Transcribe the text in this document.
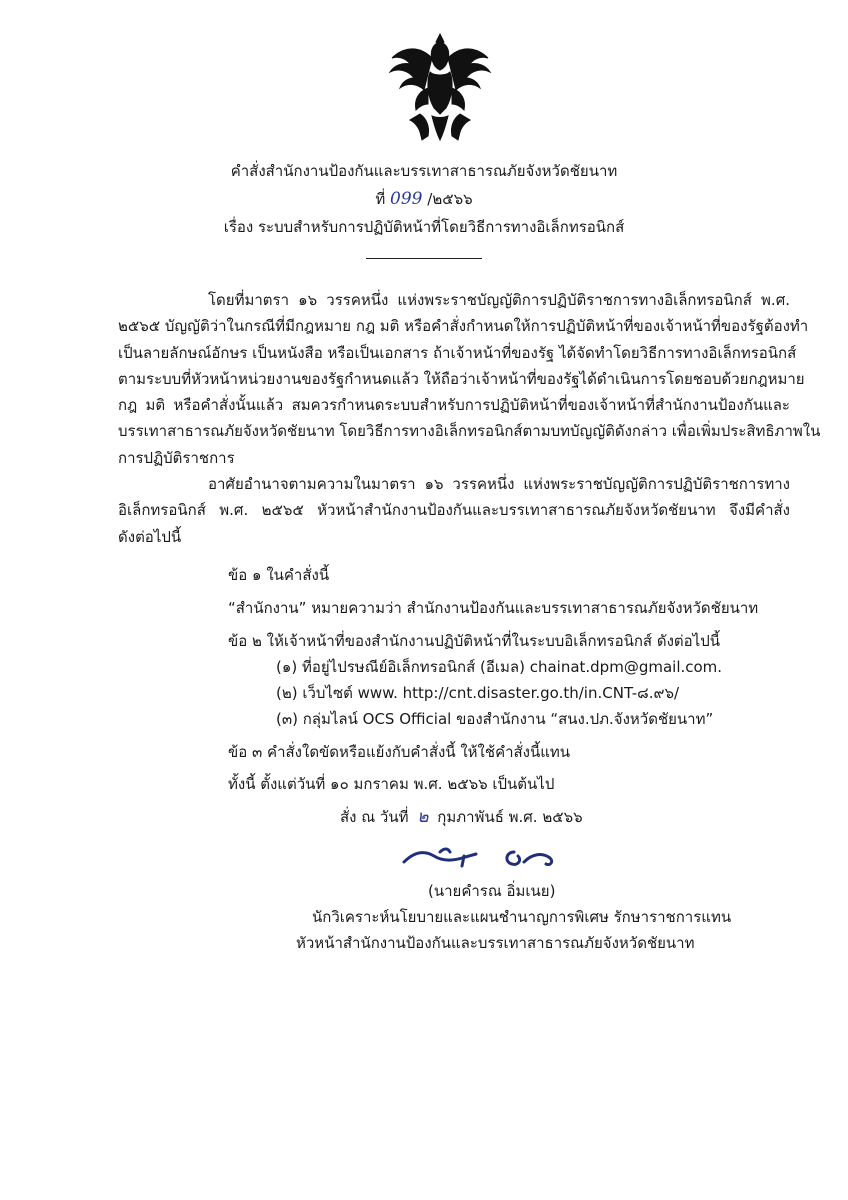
คำสั่งสำนักงานป้องกันและบรรเทาสาธารณภัยจังหวัดชัยนาท
ที่ 099 /๒๕๖๖
เรื่อง ระบบสำหรับการปฏิบัติหน้าที่โดยวิธีการทางอิเล็กทรอนิกส์
โดยที่มาตรา ๑๖ วรรคหนึ่ง แห่งพระราชบัญญัติการปฏิบัติราชการทางอิเล็กทรอนิกส์ พ.ศ.
๒๕๖๕ บัญญัติว่าในกรณีที่มีกฎหมาย กฎ มติ หรือคำสั่งกำหนดให้การปฏิบัติหน้าที่ของเจ้าหน้าที่ของรัฐต้องทำ
เป็นลายลักษณ์อักษร เป็นหนังสือ หรือเป็นเอกสาร ถ้าเจ้าหน้าที่ของรัฐ ได้จัดทำโดยวิธีการทางอิเล็กทรอนิกส์
ตามระบบที่หัวหน้าหน่วยงานของรัฐกำหนดแล้ว ให้ถือว่าเจ้าหน้าที่ของรัฐได้ดำเนินการโดยชอบด้วยกฎหมาย
กฎ มติ หรือคำสั่งนั้นแล้ว สมควรกำหนดระบบสำหรับการปฏิบัติหน้าที่ของเจ้าหน้าที่สำนักงานป้องกันและ
บรรเทาสาธารณภัยจังหวัดชัยนาท โดยวิธีการทางอิเล็กทรอนิกส์ตามบทบัญญัติดังกล่าว เพื่อเพิ่มประสิทธิภาพใน
การปฏิบัติราชการ
อาศัยอำนาจตามความในมาตรา ๑๖ วรรคหนึ่ง แห่งพระราชบัญญัติการปฏิบัติราชการทาง
อิเล็กทรอนิกส์ พ.ศ. ๒๕๖๕ หัวหน้าสำนักงานป้องกันและบรรเทาสาธารณภัยจังหวัดชัยนาท จึงมีคำสั่ง
ดังต่อไปนี้
ข้อ ๑ ในคำสั่งนี้
“สำนักงาน” หมายความว่า สำนักงานป้องกันและบรรเทาสาธารณภัยจังหวัดชัยนาท
ข้อ ๒ ให้เจ้าหน้าที่ของสำนักงานปฏิบัติหน้าที่ในระบบอิเล็กทรอนิกส์ ดังต่อไปนี้
(๑) ที่อยู่ไปรษณีย์อิเล็กทรอนิกส์ (อีเมล) chainat.dpm@gmail.com.
(๒) เว็บไซต์ www. http://cnt.disaster.go.th/in.CNT-๘.๙๖/
(๓) กลุ่มไลน์ OCS Official ของสำนักงาน “สนง.ปภ.จังหวัดชัยนาท”
ข้อ ๓ คำสั่งใดขัดหรือแย้งกับคำสั่งนี้ ให้ใช้คำสั่งนี้แทน
ทั้งนี้ ตั้งแต่วันที่ ๑๐ มกราคม พ.ศ. ๒๕๖๖ เป็นต้นไป
สั่ง ณ วันที่ ๒ กุมภาพันธ์ พ.ศ. ๒๕๖๖
(นายคำรณ อิ่มเนย)
นักวิเคราะห์นโยบายและแผนชำนาญการพิเศษ รักษาราชการแทน
หัวหน้าสำนักงานป้องกันและบรรเทาสาธารณภัยจังหวัดชัยนาท
